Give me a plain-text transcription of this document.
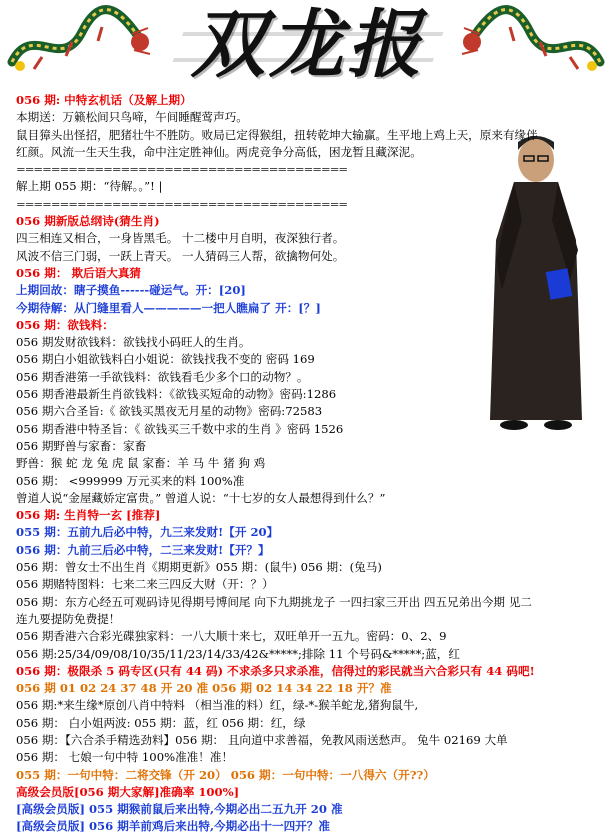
双龙报
056 期: 中特玄机话（及解上期）
本期送：万籁松间只鸟啼，午间睡醒莺声巧。
鼠目獐头出怪招，肥猪壮牛不胜防。败局已定得猴组，扭转乾坤大输赢。生平地上鸡上天，原来有缘伴
红颜。风流一生天生我，命中注定胜神仙。两虎竞争分高低，困龙暂且藏深泥。
======================================
解上期 055 期：“待解。。”! |
======================================
056 期新版总纲诗(猜生肖)
四三相连又相合，一身皆黑毛。 十二楼中月自明，夜深独行者。
风波不信三门弱，一跃上青天。 一人猜码三人帮，欲擒物何处。
056 期： 欺后语大真猜
上期回故：瞎子摸鱼------碰运气。开：[20]
今期待解：从门缝里看人—————一把人瞧扁了 开：[？]
056 期：欲钱料：
056 期发财欲钱料：欲钱找小码旺人的生肖。
056 期白小姐欲钱料白小姐说：欲钱找我不变的 密码 169
056 期香港第一手欲钱料：欲钱看毛少多个口的动物？。
056 期香港最新生肖欲钱料：《欲钱买短命的动物》密码:1286
056 期六合圣旨:《 欲钱买黑夜无月星的动物》密码:72583
056 期香港中特圣旨：《 欲钱买三千数中求的生肖 》密码 1526
056 期野兽与家畜：家畜
野兽：猴 蛇 龙 兔 虎 鼠 家畜：羊 马 牛 猪 狗 鸡
056 期： <999999 万元买来的料 100%准
曾道人说“金屋藏娇定富贵。” 曾道人说：“十七岁的女人最想得到什么？”
056 期: 生肖特一玄 [推荐]
055 期：五前九后必中特，九三来发财!【开 20】
056 期：九前三后必中特，二三来发财!【开？】
056 期：曾女士不出生肖《期期更新》055 期：(鼠牛) 056 期：(兔马)
056 期赌特图料：七来二来三四反大财（开：？）
056 期：东方心经五可观码诗见得期号博间尾 向下九期挑龙子 一四扫家三开出 四五兄弟出今期 见二
连九要提防免费提！
056 期香港六合彩光碟独家料：一八大顺十来七，双旺单开一五九。密码：0、2、9
056 期:25/34/09/08/10/35/11/23/14/33/42&*****;排除 11 个号码&*****;蓝，红
056 期：极限杀 5 码专区(只有 44 码) 不求杀多只求杀准，信得过的彩民就当六合彩只有 44 码吧!
056 期 01 02 24 37 48 开 20 准 056 期 02 14 34 22 18 开？准
056 期:*来生缘*原创八肖中特料 （相当准的料）红，绿-*-猴羊蛇龙,猪狗鼠牛,
056 期： 白小姐两波: 055 期：蓝，红 056 期：红，绿
056 期：【六合杀手精选劲料】056 期： 且向道中求善福，免教风雨送愁声。 兔牛 02169 大单
056 期： 七娘一句中特 100%准准！准！
055 期：一句中特：二将交锋（开 20） 056 期：一句中特：一八得六（开??）
高级会员版[056 期大家解]准确率 100%]
[高级会员版] 055 期猴前鼠后来出特,今期必出二五九开 20 准
[高级会员版] 056 期羊前鸡后来出特,今期必出十一四开？准
